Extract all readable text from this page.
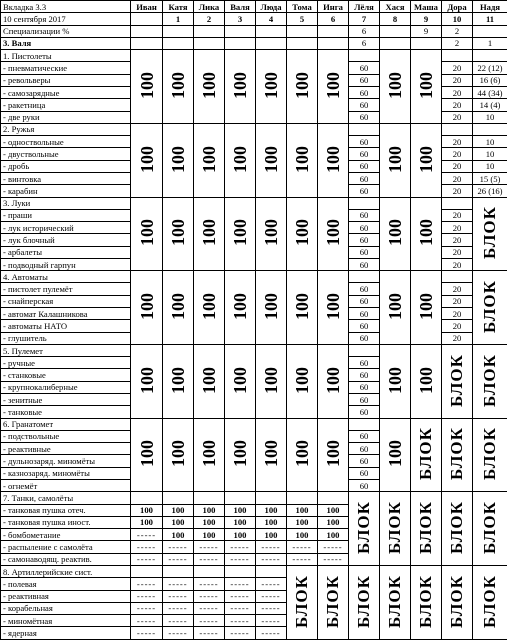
Вкладка 3.3	Иван	Катя	Лика	Валя	Люда	Тома	Инга	Лёля	Хася	Маша	Дора	Надя
10 сентября 2017		1	2	3	4	5	6	7	8	9	10	11
Специализации %								6		9	2	
3. Валя								6			2	1
1. Пистолеты	100	100	100	100	100	100	100		100	100		
- пневматические								60			20	22 (12)
- револьверы								60			20	16 (6)
- самозарядные								60			20	44 (34)
- ракетница								60			20	14 (4)
- две руки								60			20	10
2. Ружья	100	100	100	100	100	100	100		100	100		
- одноствольные								60			20	10
- двуствольные								60			20	10
- дробь								60			20	10
- винтовка								60			20	15 (5)
- карабин								60			20	26 (16)
3. Луки	100	100	100	100	100	100	100		100	100		БЛОК
- праши								60			20	
- лук исторический								60			20	
- лук блочный								60			20	
- арбалеты								60			20	
- подводный гарпун								60			20	
4. Автоматы	100	100	100	100	100	100	100		100	100		БЛОК
- пистолет пулемёт								60			20	
- снайперская								60			20	
- автомат Калашникова								60			20	
- автоматы НАТО								60			20	
- глушитель								60			20	
5. Пулемет	100	100	100	100	100	100	100		100	100	БЛОК	БЛОК
- ручные								60				
- станковые								60				
- крупнокалиберные								60				
- зенитные								60				
- танковые								60				
6. Гранатомет	100	100	100	100	100	100	100		100	БЛОК	БЛОК	БЛОК
- подствольные								60				
- реактивные								60				
- дульнозаряд. миномёты								60				
- казнозаряд. миномёты								60				
- огнемёт								60				
7. Танки, самолёты								БЛОК	БЛОК	БЛОК	БЛОК	БЛОК
- танковая пушка отеч.	100	100	100	100	100	100	100					
- танковая пушка иност.	100	100	100	100	100	100	100					
- бомбометание	-----	100	100	100	100	100	100					
- распыление с самолёта	-----	-----	-----	-----	-----	-----	-----					
- самонаводящ. реактив.	-----	-----	-----	-----	-----	-----	-----					
8. Артиллерийские сист.						БЛОК	БЛОК	БЛОК	БЛОК	БЛОК	БЛОК	БЛОК
- полевая	-----	-----	-----	-----	-----							
- реактивная	-----	-----	-----	-----	-----							
- корабельная	-----	-----	-----	-----	-----							
- миномётная	-----	-----	-----	-----	-----							
- ядерная	-----	-----	-----	-----	-----							
